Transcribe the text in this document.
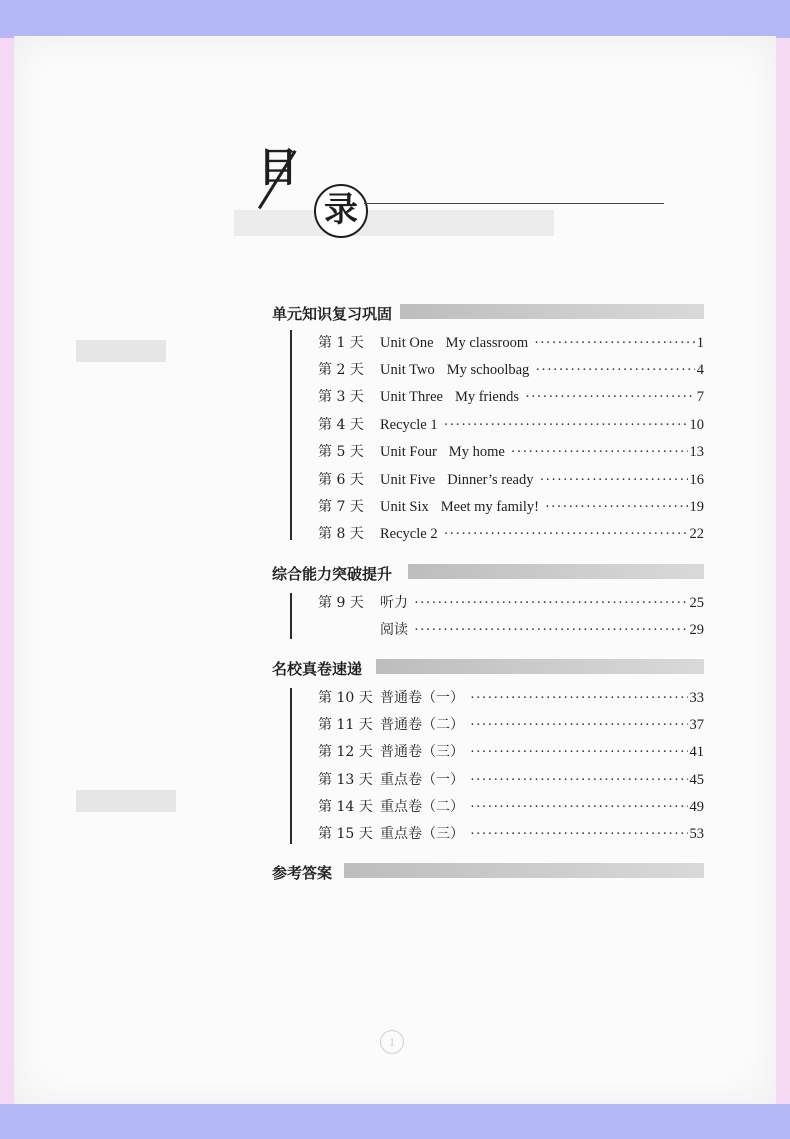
目
录
单元知识复习巩固
第 1 天	Unit One My classroom ·····	1
第 2 天	Unit Two My schoolbag ·····	4
第 3 天	Unit Three My friends ·····	7
第 4 天	Recycle 1 ·····	10
第 5 天	Unit Four My home ·····	13
第 6 天	Unit Five Dinner’s ready ·····	16
第 7 天	Unit Six Meet my family! ·····	19
第 8 天	Recycle 2 ·····	22
综合能力突破提升
第 9 天	听力 ·····	25
阅读 ·····	29
名校真卷速递
第 10 天 普通卷（一） ·····	33
第 11 天 普通卷（二） ·····	37
第 12 天 普通卷（三） ·····	41
第 13 天 重点卷（一） ·····	45
第 14 天 重点卷（二） ·····	49
第 15 天 重点卷（三） ·····	53
参考答案
1
